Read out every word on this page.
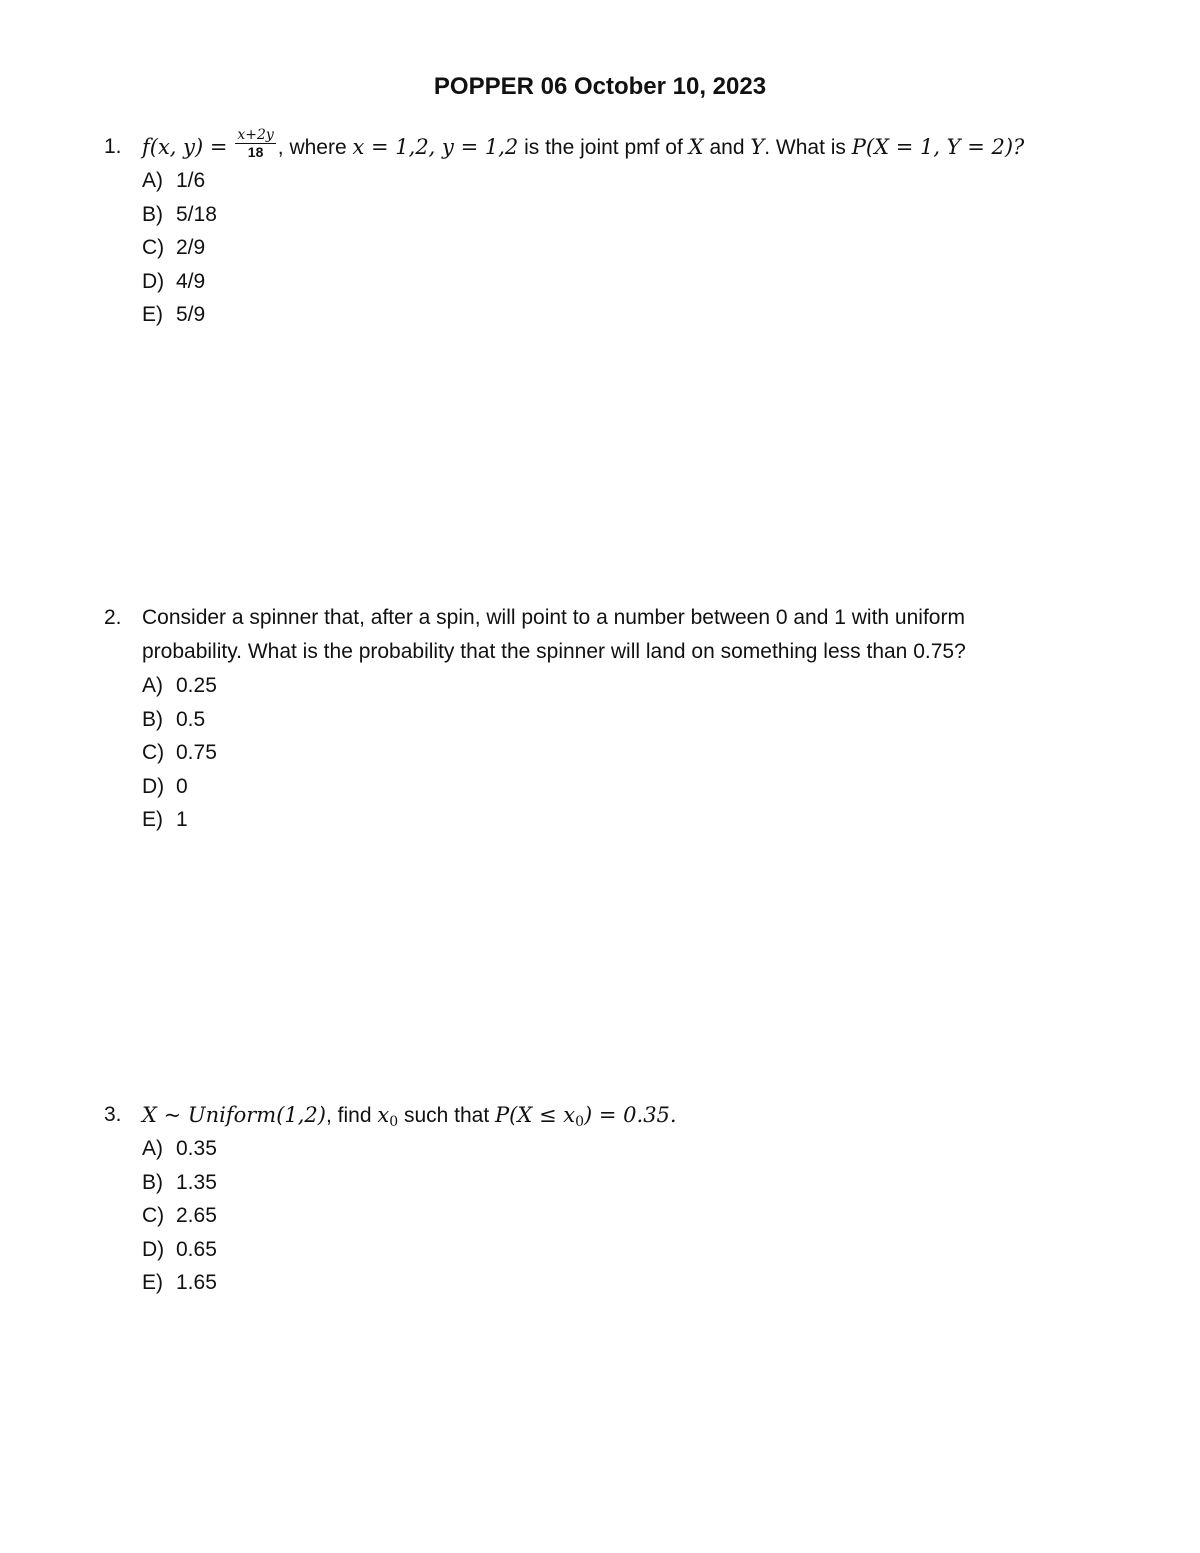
POPPER 06 October 10, 2023
1. f(x, $y) = \frac{x+2y}{18}$ , where x = 1,2, y = 1,2 is the joint pmf of X and Y. What is P(X = 1, Y = 2)?
A) 1/6
B) 5/18
C) 2/9
D) 4/9
E) 5/9
2. Consider a spinner that, after a spin, will point to a number between 0 and 1 with uniform
probability. What is the probability that the spinner will land on something less than 0.75?
A) 0.25
B) 0.5
C) 0.75
D) 0
E) 1
3. X ~ Uniform(1,2), find $x_0$ such that $P(X \le x_0) = 0.35$.
A) 0.35
B) 1.35
C) 2.65
D) 0.65
E) 1.65
